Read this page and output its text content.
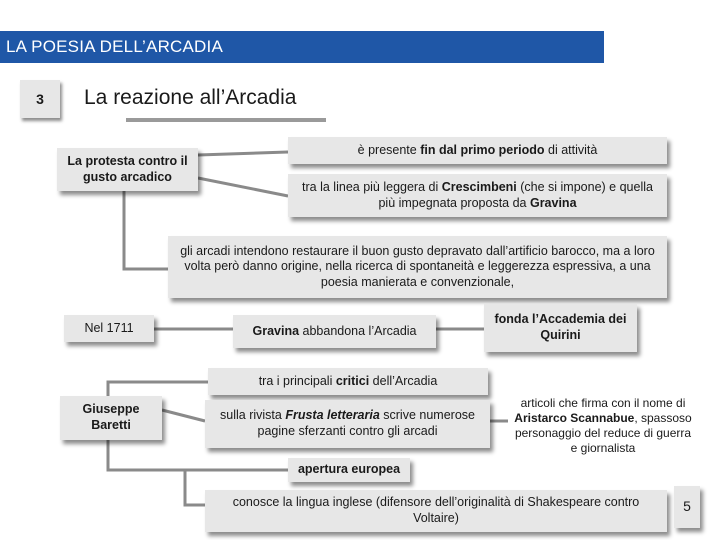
LA POESIA DELL’ARCADIA
3	La reazione all’Arcadia
La protesta contro il gusto arcadico
è presente fin dal primo periodo di attività
tra la linea più leggera di Crescimbeni (che si impone) e quella più impegnata proposta da Gravina
gli arcadi intendono restaurare il buon gusto depravato dall’artificio barocco, ma a loro volta però danno origine, nella ricerca di spontaneità e leggerezza espressiva, a una poesia manierata e convenzionale,
Nel 1711	Gravina abbandona l’Arcadia
fonda l’Accademia dei Quirini
tra i principali critici dell’Arcadia
Giuseppe Baretti
sulla rivista Frusta letteraria scrive numerose pagine sferzanti contro gli arcadi
articoli che firma con il nome di Aristarco Scannabue, spassoso personaggio del reduce di guerra e giornalista
apertura europea
conosce la lingua inglese (difensore dell’originalità di Shakespeare contro Voltaire)
5
